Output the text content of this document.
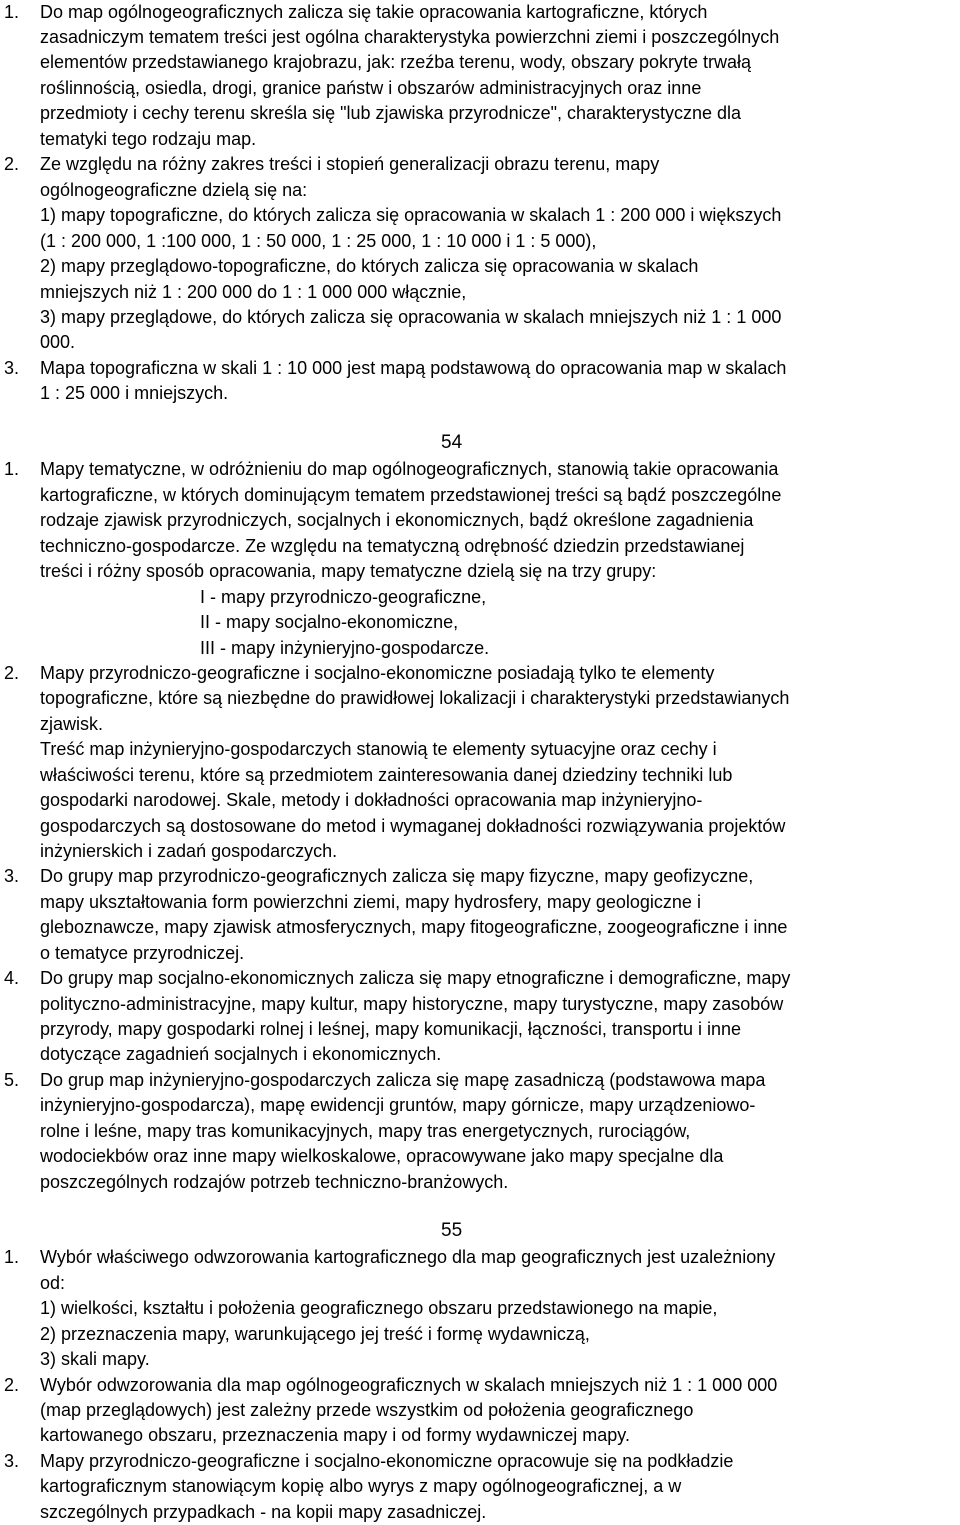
1. Do map ogólnogeograficznych zalicza się takie opracowania kartograficzne, których
zasadniczym tematem treści jest ogólna charakterystyka powierzchni ziemi i poszczególnych
elementów przedstawianego krajobrazu, jak: rzeźba terenu, wody, obszary pokryte trwałą
roślinnością, osiedla, drogi, granice państw i obszarów administracyjnych oraz inne
przedmioty i cechy terenu skreśla się "lub zjawiska przyrodnicze", charakterystyczne dla
tematyki tego rodzaju map.
2. Ze względu na różny zakres treści i stopień generalizacji obrazu terenu, mapy
ogólnogeograficzne dzielą się na:
1) mapy topograficzne, do których zalicza się opracowania w skalach 1 : 200 000 i większych
(1 : 200 000, 1 :100 000, 1 : 50 000, 1 : 25 000, 1 : 10 000 i 1 : 5 000),
2) mapy przeglądowo-topograficzne, do których zalicza się opracowania w skalach
mniejszych niż 1 : 200 000 do 1 : 1 000 000 włącznie,
3) mapy przeglądowe, do których zalicza się opracowania w skalach mniejszych niż 1 : 1 000
000.
3. Mapa topograficzna w skali 1 : 10 000 jest mapą podstawową do opracowania map w skalach
1 : 25 000 i mniejszych.
54
1. Mapy tematyczne, w odróżnieniu do map ogólnogeograficznych, stanowią takie opracowania
kartograficzne, w których dominującym tematem przedstawionej treści są bądź poszczególne
rodzaje zjawisk przyrodniczych, socjalnych i ekonomicznych, bądź określone zagadnienia
techniczno-gospodarcze. Ze względu na tematyczną odrębność dziedzin przedstawianej
treści i różny sposób opracowania, mapy tematyczne dzielą się na trzy grupy:
I - mapy przyrodniczo-geograficzne,
II - mapy socjalno-ekonomiczne,
III - mapy inżynieryjno-gospodarcze.
2. Mapy przyrodniczo-geograficzne i socjalno-ekonomiczne posiadają tylko te elementy
topograficzne, które są niezbędne do prawidłowej lokalizacji i charakterystyki przedstawianych
zjawisk.
Treść map inżynieryjno-gospodarczych stanowią te elementy sytuacyjne oraz cechy i
właściwości terenu, które są przedmiotem zainteresowania danej dziedziny techniki lub
gospodarki narodowej. Skale, metody i dokładności opracowania map inżynieryjno-
gospodarczych są dostosowane do metod i wymaganej dokładności rozwiązywania projektów
inżynierskich i zadań gospodarczych.
3. Do grupy map przyrodniczo-geograficznych zalicza się mapy fizyczne, mapy geofizyczne,
mapy ukształtowania form powierzchni ziemi, mapy hydrosfery, mapy geologiczne i
gleboznawcze, mapy zjawisk atmosferycznych, mapy fitogeograficzne, zoogeograficzne i inne
o tematyce przyrodniczej.
4. Do grupy map socjalno-ekonomicznych zalicza się mapy etnograficzne i demograficzne, mapy
polityczno-administracyjne, mapy kultur, mapy historyczne, mapy turystyczne, mapy zasobów
przyrody, mapy gospodarki rolnej i leśnej, mapy komunikacji, łączności, transportu i inne
dotyczące zagadnień socjalnych i ekonomicznych.
5. Do grup map inżynieryjno-gospodarczych zalicza się mapę zasadniczą (podstawowa mapa
inżynieryjno-gospodarcza), mapę ewidencji gruntów, mapy górnicze, mapy urządzeniowo-
rolne i leśne, mapy tras komunikacyjnych, mapy tras energetycznych, rurociągów,
wodociekbów oraz inne mapy wielkoskalowe, opracowywane jako mapy specjalne dla
poszczególnych rodzajów potrzeb techniczno-branżowych.
55
1. Wybór właściwego odwzorowania kartograficznego dla map geograficznych jest uzależniony
od:
1) wielkości, kształtu i położenia geograficznego obszaru przedstawionego na mapie,
2) przeznaczenia mapy, warunkującego jej treść i formę wydawniczą,
3) skali mapy.
2. Wybór odwzorowania dla map ogólnogeograficznych w skalach mniejszych niż 1 : 1 000 000
(map przeglądowych) jest zależny przede wszystkim od położenia geograficznego
kartowanego obszaru, przeznaczenia mapy i od formy wydawniczej mapy.
3. Mapy przyrodniczo-geograficzne i socjalno-ekonomiczne opracowuje się na podkładzie
kartograficznym stanowiącym kopię albo wyrys z mapy ogólnogeograficznej, a w
szczególnych przypadkach - na kopii mapy zasadniczej.
